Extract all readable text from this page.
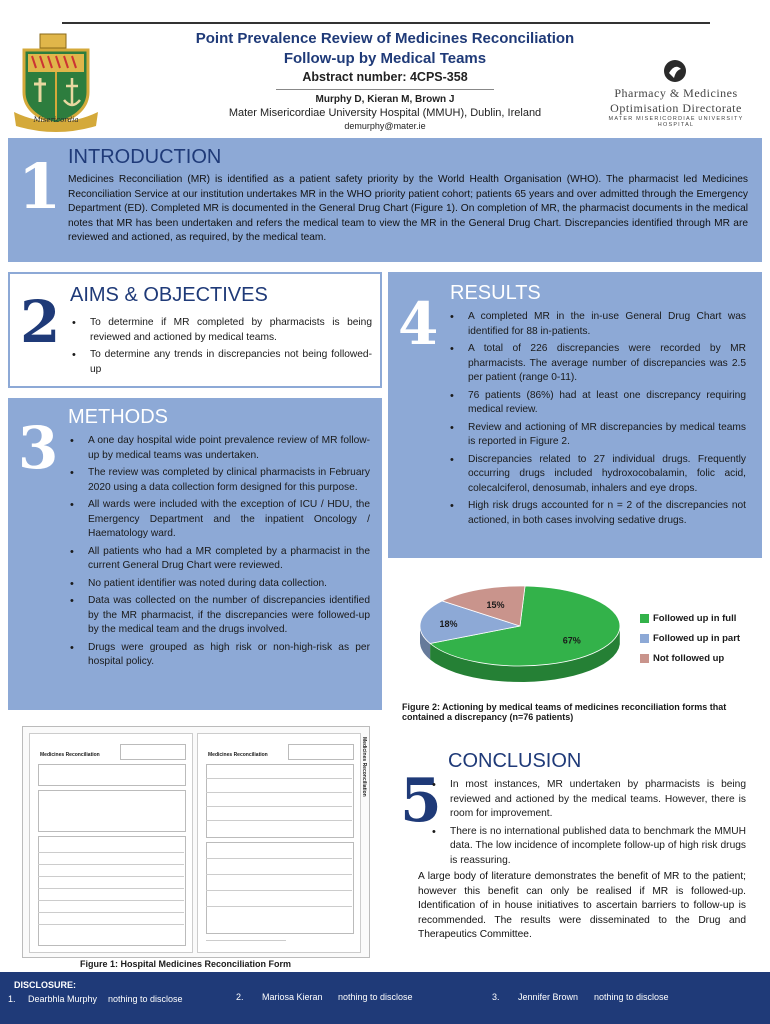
Point Prevalence Review of Medicines Reconciliation
Follow-up by Medical Teams
Abstract number: 4CPS-358
Murphy D, Kieran M, Brown J
Mater Misericordiae University Hospital (MMUH), Dublin, Ireland
demurphy@mater.ie
Misericordia
Pharmacy & Medicines
Optimisation Directorate
MATER MISERICORDIAE UNIVERSITY HOSPITAL
1 INTRODUCTION
Medicines Reconciliation (MR) is identified as a patient safety priority by the World Health Organisation (WHO). The pharmacist led Medicines Reconciliation Service at our institution undertakes MR in the WHO priority patient cohort; patients 65 years and over admitted through the Emergency Department (ED). Completed MR is documented in the General Drug Chart (Figure 1). On completion of MR, the pharmacist documents in the medical notes that MR has been undertaken and refers the medical team to view the MR in the General Drug Chart. Discrepancies identified through MR are reviewed and actioned, as required, by the medical team.
2 AIMS & OBJECTIVES
• To determine if MR completed by pharmacists is being reviewed and actioned by medical teams.
• To determine any trends in discrepancies not being followed-up
3 METHODS
• A one day hospital wide point prevalence review of MR follow-up by medical teams was undertaken.
• The review was completed by clinical pharmacists in February 2020 using a data collection form designed for this purpose.
• All wards were included with the exception of ICU / HDU, the Emergency Department and the inpatient Oncology / Haematology ward.
• All patients who had a MR completed by a pharmacist in the current General Drug Chart were reviewed.
• No patient identifier was noted during data collection.
• Data was collected on the number of discrepancies identified by the MR pharmacist, if the discrepancies were followed-up by the medical team and the drugs involved.
• Drugs were grouped as high risk or non-high-risk as per hospital policy.
4 RESULTS
• A completed MR in the in-use General Drug Chart was identified for 88 in-patients.
• A total of 226 discrepancies were recorded by MR pharmacists. The average number of discrepancies was 2.5 per patient (range 0-11).
• 76 patients (86%) had at least one discrepancy requiring medical review.
• Review and actioning of MR discrepancies by medical teams is reported in Figure 2.
• Discrepancies related to 27 individual drugs. Frequently occurring drugs included hydroxocobalamin, folic acid, colecalciferol, denosumab, inhalers and eye drops.
• High risk drugs accounted for n = 2 of the discrepancies not actioned, in both cases involving sedative drugs.
67%
18%
15%
Followed up in full
Followed up in part
Not followed up
Figure 2: Actioning by medical teams of medicines reconciliation forms that contained a discrepancy (n=76 patients)
Medicines Reconciliation	Medicines Reconciliation	Medicines Reconciliation
Figure 1: Hospital Medicines Reconciliation Form
5
CONCLUSION
• In most instances, MR undertaken by pharmacists is being reviewed and actioned by the medical teams. However, there is room for improvement.
• There is no international published data to benchmark the MMUH data. The low incidence of incomplete follow-up of high risk drugs is reassuring.
A large body of literature demonstrates the benefit of MR to the patient; however this benefit can only be realised if MR is followed-up. Identification of in house initiatives to ascertain barriers to follow-up is recommended. The results were disseminated to the Drug and Therapeutics Committee.
DISCLOSURE:
1. Dearbhla Murphy nothing to disclose	2. Mariosa Kieran nothing to disclose	3. Jennifer Brown nothing to disclose
